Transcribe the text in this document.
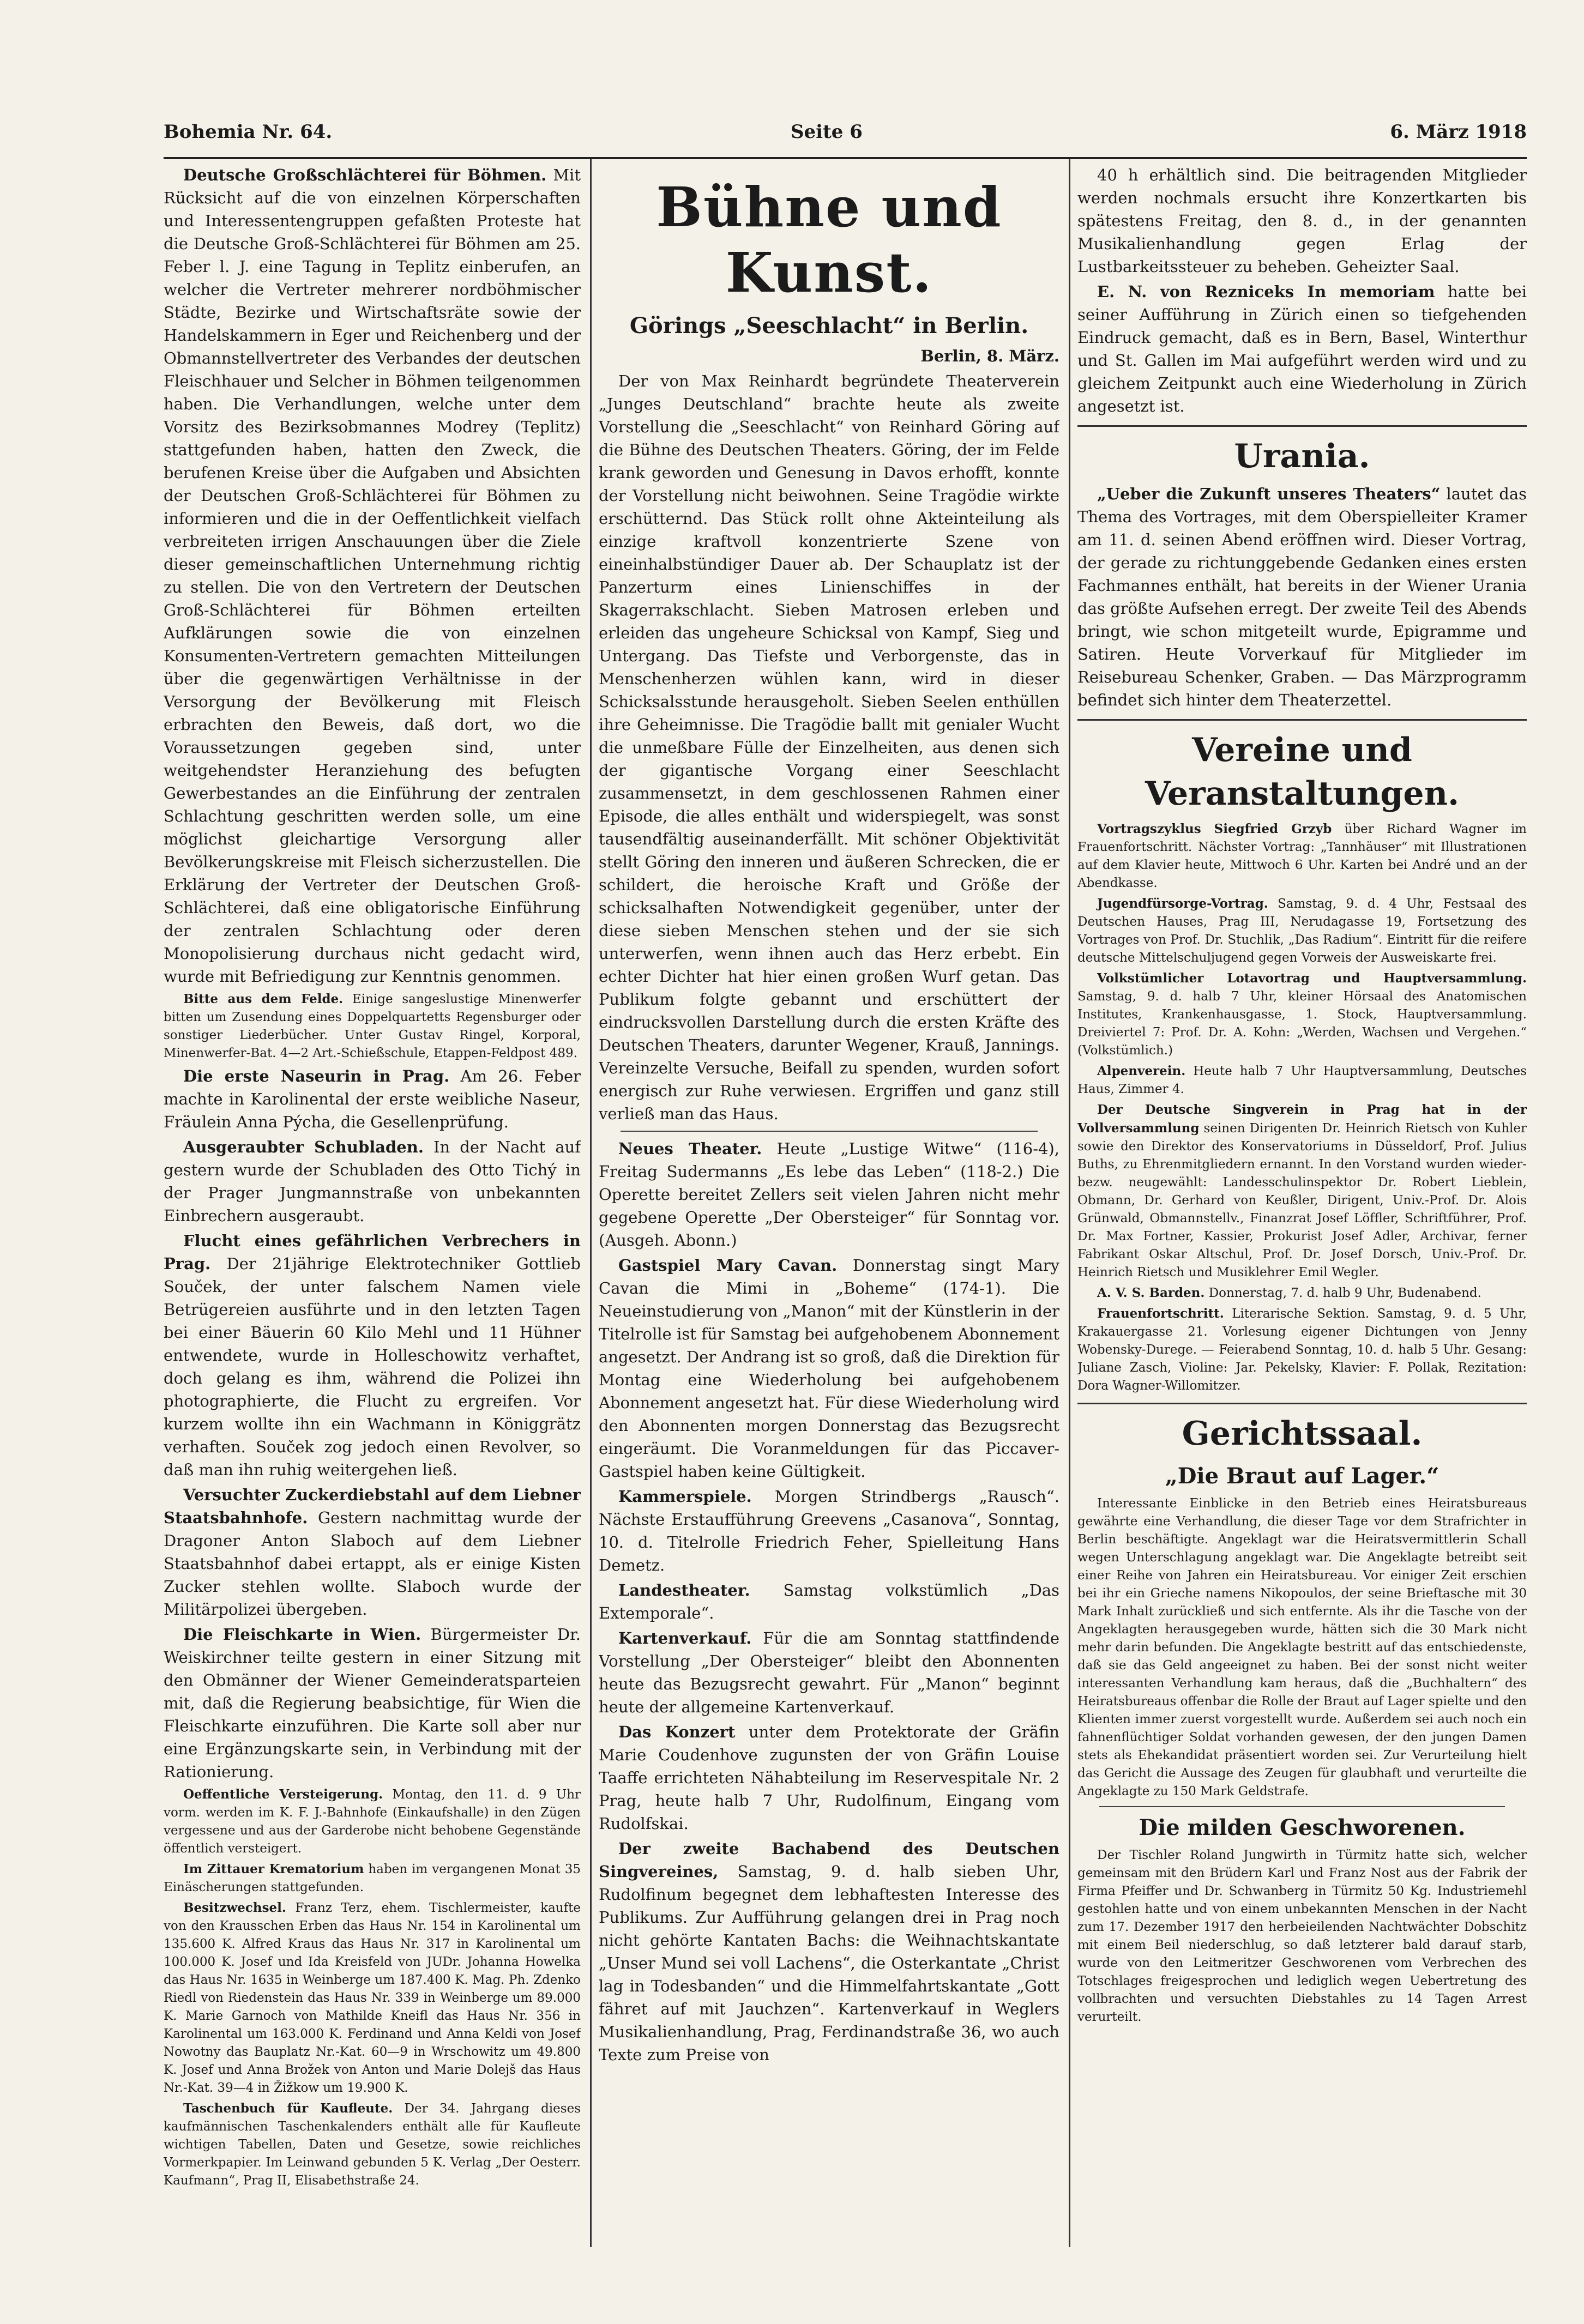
Bohemia Nr. 64.	Seite 6	6. März 1918

Deutsche Großschlächterei für Böhmen. Mit Rücksicht auf die von einzelnen Körperschaften und Interessentengruppen gefaßten Proteste hat die Deutsche Groß-Schlächterei für Böhmen am 25. Feber l. J. eine Tagung in Teplitz einberufen, an welcher die Vertreter mehrerer nordböhmischer Städte, Bezirke und Wirtschaftsräte sowie der Handelskammern in Eger und Reichenberg und der Obmannstellvertreter des Verbandes der deutschen Fleischhauer und Selcher in Böhmen teilgenommen haben. Die Verhandlungen, welche unter dem Vorsitz des Bezirksobmannes Modrey (Teplitz) stattgefunden haben, hatten den Zweck, die berufenen Kreise über die Aufgaben und Absichten der Deutschen Groß-Schlächterei für Böhmen zu informieren und die in der Oeffentlichkeit vielfach verbreiteten irrigen Anschauungen über die Ziele dieser gemeinschaftlichen Unternehmung richtig zu stellen. Die von den Vertretern der Deutschen Groß-Schlächterei für Böhmen erteilten Aufklärungen sowie die von einzelnen Konsumenten-Vertretern gemachten Mitteilungen über die gegenwärtigen Verhältnisse in der Versorgung der Bevölkerung mit Fleisch erbrachten den Beweis, daß dort, wo die Voraussetzungen gegeben sind, unter weitgehendster Heranziehung des befugten Gewerbestandes an die Einführung der zentralen Schlachtung geschritten werden solle, um eine möglichst gleichartige Versorgung aller Bevölkerungskreise mit Fleisch sicherzustellen. Die Erklärung der Vertreter der Deutschen Groß-Schlächterei, daß eine obligatorische Einführung der zentralen Schlachtung oder deren Monopolisierung durchaus nicht gedacht wird, wurde mit Befriedigung zur Kenntnis genommen.

Bitte aus dem Felde. Einige sangeslustige Minenwerfer bitten um Zusendung eines Doppelquartetts Regensburger oder sonstiger Liederbücher. Unter Gustav Ringel, Korporal, Minenwerfer-Bat. 4—2 Art.-Schießschule, Etappen-Feldpost 489.

Die erste Naseurin in Prag. Am 26. Feber machte in Karolinental der erste weibliche Naseur, Fräulein Anna Pýcha, die Gesellenprüfung.

Ausgeraubter Schubladen. In der Nacht auf gestern wurde der Schubladen des Otto Tichý in der Prager Jungmannstraße von unbekannten Einbrechern ausgeraubt.

Flucht eines gefährlichen Verbrechers in Prag. Der 21jährige Elektrotechniker Gottlieb Souček, der unter falschem Namen viele Betrügereien ausführte und in den letzten Tagen bei einer Bäuerin 60 Kilo Mehl und 11 Hühner entwendete, wurde in Holleschowitz verhaftet, doch gelang es ihm, während die Polizei ihn photographierte, die Flucht zu ergreifen. Vor kurzem wollte ihn ein Wachmann in Königgrätz verhaften. Souček zog jedoch einen Revolver, so daß man ihn ruhig weitergehen ließ.

Versuchter Zuckerdiebstahl auf dem Liebner Staatsbahnhofe. Gestern nachmittag wurde der Dragoner Anton Slaboch auf dem Liebner Staatsbahnhof dabei ertappt, als er einige Kisten Zucker stehlen wollte. Slaboch wurde der Militärpolizei übergeben.

Die Fleischkarte in Wien. Bürgermeister Dr. Weiskirchner teilte gestern in einer Sitzung mit den Obmänner der Wiener Gemeinderatsparteien mit, daß die Regierung beabsichtige, für Wien die Fleischkarte einzuführen. Die Karte soll aber nur eine Ergänzungskarte sein, in Verbindung mit der Rationierung.

Oeffentliche Versteigerung. Montag, den 11. d. 9 Uhr vorm. werden im K. F. J.-Bahnhofe (Einkaufshalle) in den Zügen vergessene und aus der Garderobe nicht behobene Gegenstände öffentlich versteigert.

Im Zittauer Krematorium haben im vergangenen Monat 35 Einäscherungen stattgefunden.

Besitzwechsel. Franz Terz, ehem. Tischlermeister, kaufte von den Krausschen Erben das Haus Nr. 154 in Karolinental um 135.600 K. Alfred Kraus das Haus Nr. 317 in Karolinental um 100.000 K. Josef und Ida Kreisfeld von JUDr. Johanna Howelka das Haus Nr. 1635 in Weinberge um 187.400 K. Mag. Ph. Zdenko Riedl von Riedenstein das Haus Nr. 339 in Weinberge um 89.000 K. Marie Garnoch von Mathilde Kneifl das Haus Nr. 356 in Karolinental um 163.000 K. Ferdinand und Anna Keldi von Josef Nowotny das Bauplatz Nr.-Kat. 60—9 in Wrschowitz um 49.800 K. Josef und Anna Brožek von Anton und Marie Dolejš das Haus Nr.-Kat. 39—4 in Žižkow um 19.900 K.

Taschenbuch für Kaufleute. Der 34. Jahrgang dieses kaufmännischen Taschenkalenders enthält alle für Kaufleute wichtigen Tabellen, Daten und Gesetze, sowie reichliches Vormerkpapier. Im Leinwand gebunden 5 K. Verlag „Der Oesterr. Kaufmann“, Prag II, Elisabethstraße 24.

Bühne und Kunst.
Görings „Seeschlacht“ in Berlin.
Berlin, 8. März.

Der von Max Reinhardt begründete Theaterverein „Junges Deutschland“ brachte heute als zweite Vorstellung die „Seeschlacht“ von Reinhard Göring auf die Bühne des Deutschen Theaters. Göring, der im Felde krank geworden und Genesung in Davos erhofft, konnte der Vorstellung nicht beiwohnen. Seine Tragödie wirkte erschütternd. Das Stück rollt ohne Akteinteilung als einzige kraftvoll konzentrierte Szene von eineinhalbstündiger Dauer ab. Der Schauplatz ist der Panzerturm eines Linienschiffes in der Skagerrakschlacht. Sieben Matrosen erleben und erleiden das ungeheure Schicksal von Kampf, Sieg und Untergang. Das Tiefste und Verborgenste, das in Menschenherzen wühlen kann, wird in dieser Schicksalsstunde herausgeholt. Sieben Seelen enthüllen ihre Geheimnisse. Die Tragödie ballt mit genialer Wucht die unmeßbare Fülle der Einzelheiten, aus denen sich der gigantische Vorgang einer Seeschlacht zusammensetzt, in dem geschlossenen Rahmen einer Episode, die alles enthält und widerspiegelt, was sonst tausendfältig auseinanderfällt. Mit schöner Objektivität stellt Göring den inneren und äußeren Schrecken, die er schildert, die heroische Kraft und Größe der schicksalhaften Notwendigkeit gegenüber, unter der diese sieben Menschen stehen und der sie sich unterwerfen, wenn ihnen auch das Herz erbebt. Ein echter Dichter hat hier einen großen Wurf getan. Das Publikum folgte gebannt und erschüttert der eindrucksvollen Darstellung durch die ersten Kräfte des Deutschen Theaters, darunter Wegener, Krauß, Jannings. Vereinzelte Versuche, Beifall zu spenden, wurden sofort energisch zur Ruhe verwiesen. Ergriffen und ganz still verließ man das Haus.

Neues Theater. Heute „Lustige Witwe“ (116-4), Freitag Sudermanns „Es lebe das Leben“ (118-2.) Die Operette bereitet Zellers seit vielen Jahren nicht mehr gegebene Operette „Der Obersteiger“ für Sonntag vor. (Ausgeh. Abonn.)

Gastspiel Mary Cavan. Donnerstag singt Mary Cavan die Mimi in „Boheme“ (174-1). Die Neueinstudierung von „Manon“ mit der Künstlerin in der Titelrolle ist für Samstag bei aufgehobenem Abonnement angesetzt. Der Andrang ist so groß, daß die Direktion für Montag eine Wiederholung bei aufgehobenem Abonnement angesetzt hat. Für diese Wiederholung wird den Abonnenten morgen Donnerstag das Bezugsrecht eingeräumt. Die Voranmeldungen für das Piccaver-Gastspiel haben keine Gültigkeit.

Kammerspiele. Morgen Strindbergs „Rausch“. Nächste Erstaufführung Greevens „Casanova“, Sonntag, 10. d. Titelrolle Friedrich Feher, Spielleitung Hans Demetz.

Landestheater. Samstag volkstümlich „Das Extemporale“.

Kartenverkauf. Für die am Sonntag stattfindende Vorstellung „Der Obersteiger“ bleibt den Abonnenten heute das Bezugsrecht gewahrt. Für „Manon“ beginnt heute der allgemeine Kartenverkauf.

Das Konzert unter dem Protektorate der Gräfin Marie Coudenhove zugunsten der von Gräfin Louise Taaffe errichteten Nähabteilung im Reservespitale Nr. 2 Prag, heute halb 7 Uhr, Rudolfinum, Eingang vom Rudolfskai.

Der zweite Bachabend des Deutschen Singvereines, Samstag, 9. d. halb sieben Uhr, Rudolfinum begegnet dem lebhaftesten Interesse des Publikums. Zur Aufführung gelangen drei in Prag noch nicht gehörte Kantaten Bachs: die Weihnachtskantate „Unser Mund sei voll Lachens“, die Osterkantate „Christ lag in Todesbanden“ und die Himmelfahrtskantate „Gott fähret auf mit Jauchzen“. Kartenverkauf in Weglers Musikalienhandlung, Prag, Ferdinandstraße 36, wo auch Texte zum Preise von

40 h erhältlich sind. Die beitragenden Mitglieder werden nochmals ersucht ihre Konzertkarten bis spätestens Freitag, den 8. d., in der genannten Musikalienhandlung gegen Erlag der Lustbarkeitssteuer zu beheben. Geheizter Saal.

E. N. von Rezniceks In memoriam hatte bei seiner Aufführung in Zürich einen so tiefgehenden Eindruck gemacht, daß es in Bern, Basel, Winterthur und St. Gallen im Mai aufgeführt werden wird und zu gleichem Zeitpunkt auch eine Wiederholung in Zürich angesetzt ist.

Urania.

„Ueber die Zukunft unseres Theaters“ lautet das Thema des Vortrages, mit dem Oberspielleiter Kramer am 11. d. seinen Abend eröffnen wird. Dieser Vortrag, der gerade zu richtunggebende Gedanken eines ersten Fachmannes enthält, hat bereits in der Wiener Urania das größte Aufsehen erregt. Der zweite Teil des Abends bringt, wie schon mitgeteilt wurde, Epigramme und Satiren. Heute Vorverkauf für Mitglieder im Reisebureau Schenker, Graben. — Das Märzprogramm befindet sich hinter dem Theaterzettel.

Vereine und Veranstaltungen.

Vortragszyklus Siegfried Grzyb über Richard Wagner im Frauenfortschritt. Nächster Vortrag: „Tannhäuser“ mit Illustrationen auf dem Klavier heute, Mittwoch 6 Uhr. Karten bei André und an der Abendkasse.

Jugendfürsorge-Vortrag. Samstag, 9. d. 4 Uhr, Festsaal des Deutschen Hauses, Prag III, Nerudagasse 19, Fortsetzung des Vortrages von Prof. Dr. Stuchlik, „Das Radium“. Eintritt für die reifere deutsche Mittelschuljugend gegen Vorweis der Ausweiskarte frei.

Volkstümlicher Lotavortrag und Hauptversammlung. Samstag, 9. d. halb 7 Uhr, kleiner Hörsaal des Anatomischen Institutes, Krankenhausgasse, 1. Stock, Hauptversammlung. Dreiviertel 7: Prof. Dr. A. Kohn: „Werden, Wachsen und Vergehen.“ (Volkstümlich.)

Alpenverein. Heute halb 7 Uhr Hauptversammlung, Deutsches Haus, Zimmer 4.

Der Deutsche Singverein in Prag hat in der Vollversammlung seinen Dirigenten Dr. Heinrich Rietsch von Kuhler sowie den Direktor des Konservatoriums in Düsseldorf, Prof. Julius Buths, zu Ehrenmitgliedern ernannt. In den Vorstand wurden wieder- bezw. neugewählt: Landesschulinspektor Dr. Robert Lieblein, Obmann, Dr. Gerhard von Keußler, Dirigent, Univ.-Prof. Dr. Alois Grünwald, Obmannstellv., Finanzrat Josef Löffler, Schriftführer, Prof. Dr. Max Fortner, Kassier, Prokurist Josef Adler, Archivar, ferner Fabrikant Oskar Altschul, Prof. Dr. Josef Dorsch, Univ.-Prof. Dr. Heinrich Rietsch und Musiklehrer Emil Wegler.

A. V. S. Barden. Donnerstag, 7. d. halb 9 Uhr, Budenabend.

Frauenfortschritt. Literarische Sektion. Samstag, 9. d. 5 Uhr, Krakauergasse 21. Vorlesung eigener Dichtungen von Jenny Wobensky-Durege. — Feierabend Sonntag, 10. d. halb 5 Uhr. Gesang: Juliane Zasch, Violine: Jar. Pekelsky, Klavier: F. Pollak, Rezitation: Dora Wagner-Willomitzer.

Gerichtssaal.
„Die Braut auf Lager.“

Interessante Einblicke in den Betrieb eines Heiratsbureaus gewährte eine Verhandlung, die dieser Tage vor dem Strafrichter in Berlin beschäftigte. Angeklagt war die Heiratsvermittlerin Schall wegen Unterschlagung angeklagt war. Die Angeklagte betreibt seit einer Reihe von Jahren ein Heiratsbureau. Vor einiger Zeit erschien bei ihr ein Grieche namens Nikopoulos, der seine Brieftasche mit 30 Mark Inhalt zurückließ und sich entfernte. Als ihr die Tasche von der Angeklagten herausgegeben wurde, hätten sich die 30 Mark nicht mehr darin befunden. Die Angeklagte bestritt auf das entschiedenste, daß sie das Geld angeeignet zu haben. Bei der sonst nicht weiter interessanten Verhandlung kam heraus, daß die „Buchhaltern“ des Heiratsbureaus offenbar die Rolle der Braut auf Lager spielte und den Klienten immer zuerst vorgestellt wurde. Außerdem sei auch noch ein fahnenflüchtiger Soldat vorhanden gewesen, der den jungen Damen stets als Ehekandidat präsentiert worden sei. Zur Verurteilung hielt das Gericht die Aussage des Zeugen für glaubhaft und verurteilte die Angeklagte zu 150 Mark Geldstrafe.

Die milden Geschworenen.

Der Tischler Roland Jungwirth in Türmitz hatte sich, welcher gemeinsam mit den Brüdern Karl und Franz Nost aus der Fabrik der Firma Pfeiffer und Dr. Schwanberg in Türmitz 50 Kg. Industriemehl gestohlen hatte und von einem unbekannten Menschen in der Nacht zum 17. Dezember 1917 den herbeieilenden Nachtwächter Dobschitz mit einem Beil niederschlug, so daß letzterer bald darauf starb, wurde von den Leitmeritzer Geschworenen vom Verbrechen des Totschlages freigesprochen und lediglich wegen Uebertretung des vollbrachten und versuchten Diebstahles zu 14 Tagen Arrest verurteilt.
